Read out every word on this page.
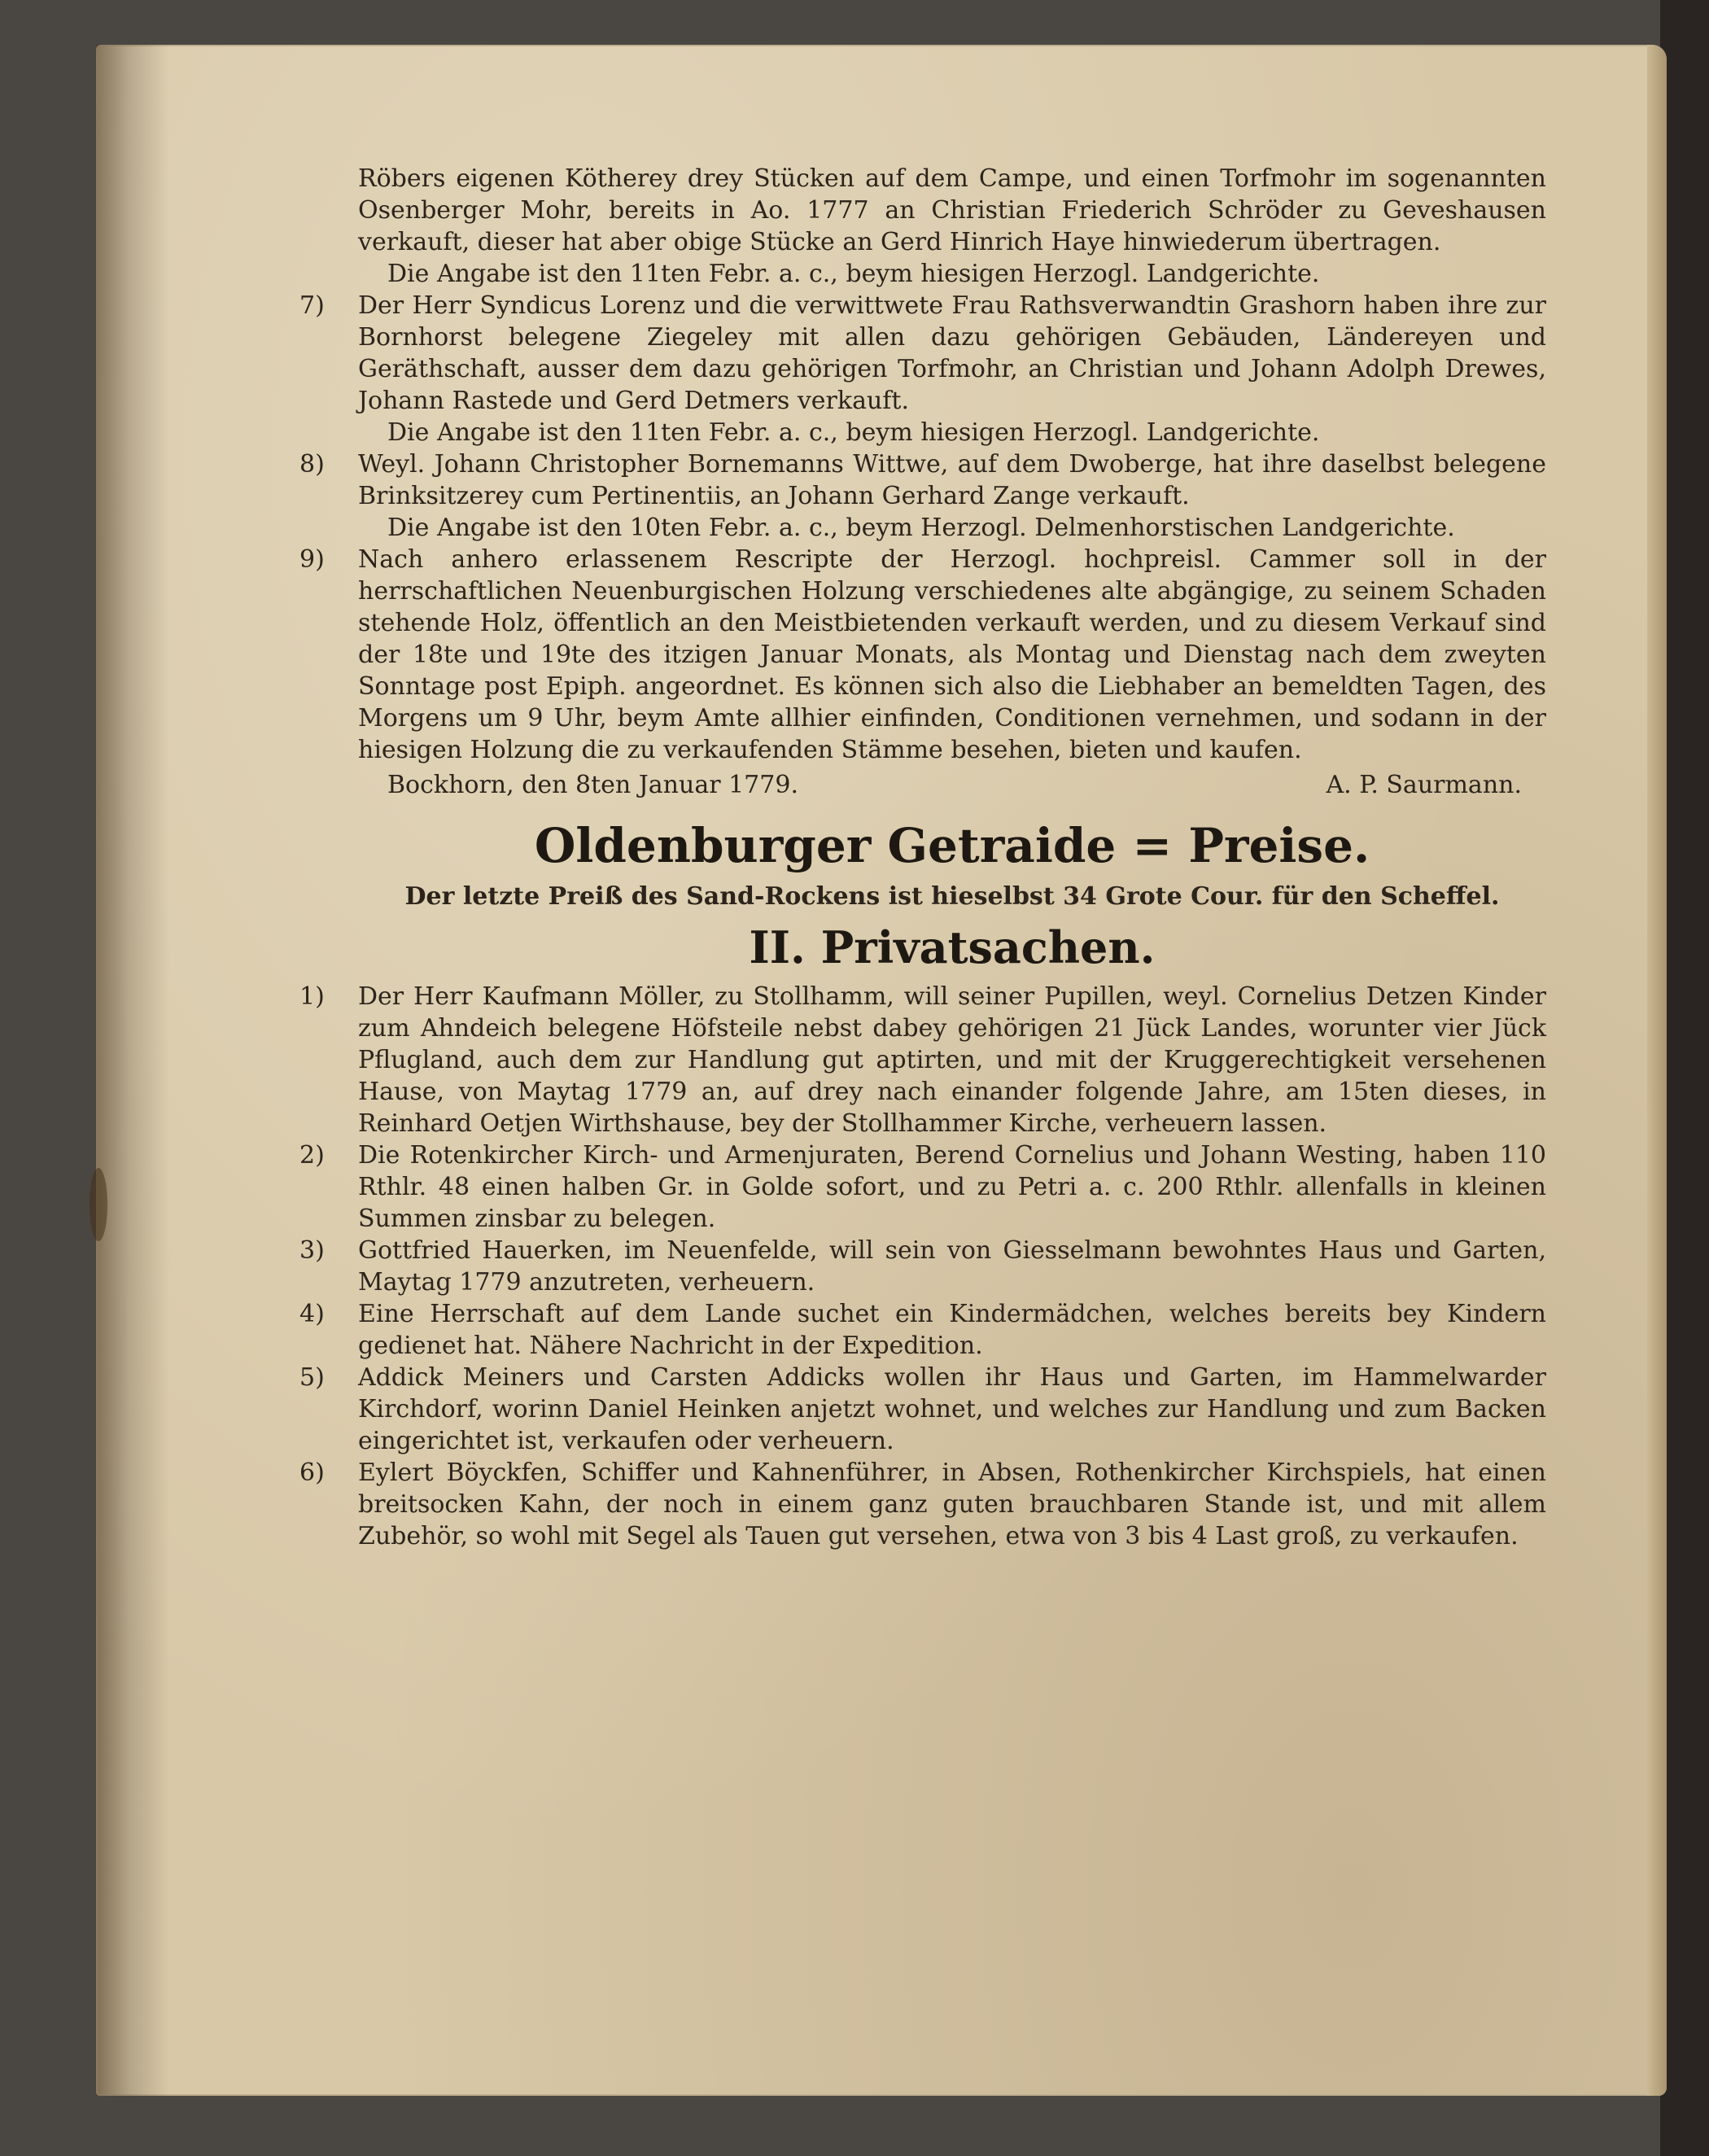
Röbers eigenen Kötherey drey Stücken auf dem Campe, und einen Torfmohr im sogenannten Osenberger Mohr, bereits in Ao. 1777 an Christian Friederich Schröder zu Geveshausen verkauft, dieser hat aber obige Stücke an Gerd Hinrich Haye hinwiederum übertragen.
Die Angabe ist den 11ten Febr. a. c., beym hiesigen Herzogl. Landgerichte.
7)	Der Herr Syndicus Lorenz und die verwittwete Frau Rathsverwandtin Grashorn haben ihre zur Bornhorst belegene Ziegeley mit allen dazu gehörigen Gebäuden, Ländereyen und Geräthschaft, ausser dem dazu gehörigen Torfmohr, an Christian und Johann Adolph Drewes, Johann Rastede und Gerd Detmers verkauft.
Die Angabe ist den 11ten Febr. a. c., beym hiesigen Herzogl. Landgerichte.
8)	Weyl. Johann Christopher Bornemanns Wittwe, auf dem Dwoberge, hat ihre daselbst belegene Brinksitzerey cum Pertinentiis, an Johann Gerhard Zange verkauft.
Die Angabe ist den 10ten Febr. a. c., beym Herzogl. Delmenhorstischen Landgerichte.
9)	Nach anhero erlassenem Rescripte der Herzogl. hochpreisl. Cammer soll in der herrschaftlichen Neuenburgischen Holzung verschiedenes alte abgängige, zu seinem Schaden stehende Holz, öffentlich an den Meistbietenden verkauft werden, und zu diesem Verkauf sind der 18te und 19te des itzigen Januar Monats, als Montag und Dienstag nach dem zweyten Sonntage post Epiph. angeordnet. Es können sich also die Liebhaber an bemeldten Tagen, des Morgens um 9 Uhr, beym Amte allhier einfinden, Conditionen vernehmen, und sodann in der hiesigen Holzung die zu verkaufenden Stämme besehen, bieten und kaufen.
Bockhorn, den 8ten Januar 1779.	A. P. Saurmann.
Oldenburger Getraide = Preise.
Der letzte Preiß des Sand-Rockens ist hieselbst 34 Grote Cour. für den Scheffel.
II. Privatsachen.
1)	Der Herr Kaufmann Möller, zu Stollhamm, will seiner Pupillen, weyl. Cornelius Detzen Kinder zum Ahndeich belegene Höfsteile nebst dabey gehörigen 21 Jück Landes, worunter vier Jück Pflugland, auch dem zur Handlung gut aptirten, und mit der Kruggerechtigkeit versehenen Hause, von Maytag 1779 an, auf drey nach einander folgende Jahre, am 15ten dieses, in Reinhard Oetjen Wirthshause, bey der Stollhammer Kirche, verheuern lassen.
2)	Die Rotenkircher Kirch- und Armenjuraten, Berend Cornelius und Johann Westing, haben 110 Rthlr. 48 einen halben Gr. in Golde sofort, und zu Petri a. c. 200 Rthlr. allenfalls in kleinen Summen zinsbar zu belegen.
3)	Gottfried Hauerken, im Neuenfelde, will sein von Giesselmann bewohntes Haus und Garten, Maytag 1779 anzutreten, verheuern.
4)	Eine Herrschaft auf dem Lande suchet ein Kindermädchen, welches bereits bey Kindern gedienet hat. Nähere Nachricht in der Expedition.
5)	Addick Meiners und Carsten Addicks wollen ihr Haus und Garten, im Hammelwarder Kirchdorf, worinn Daniel Heinken anjetzt wohnet, und welches zur Handlung und zum Backen eingerichtet ist, verkaufen oder verheuern.
6)	Eylert Böyckfen, Schiffer und Kahnenführer, in Absen, Rothenkircher Kirchspiels, hat einen breitsocken Kahn, der noch in einem ganz guten brauchbaren Stande ist, und mit allem Zubehör, so wohl mit Segel als Tauen gut versehen, etwa von 3 bis 4 Last groß, zu verkaufen.
